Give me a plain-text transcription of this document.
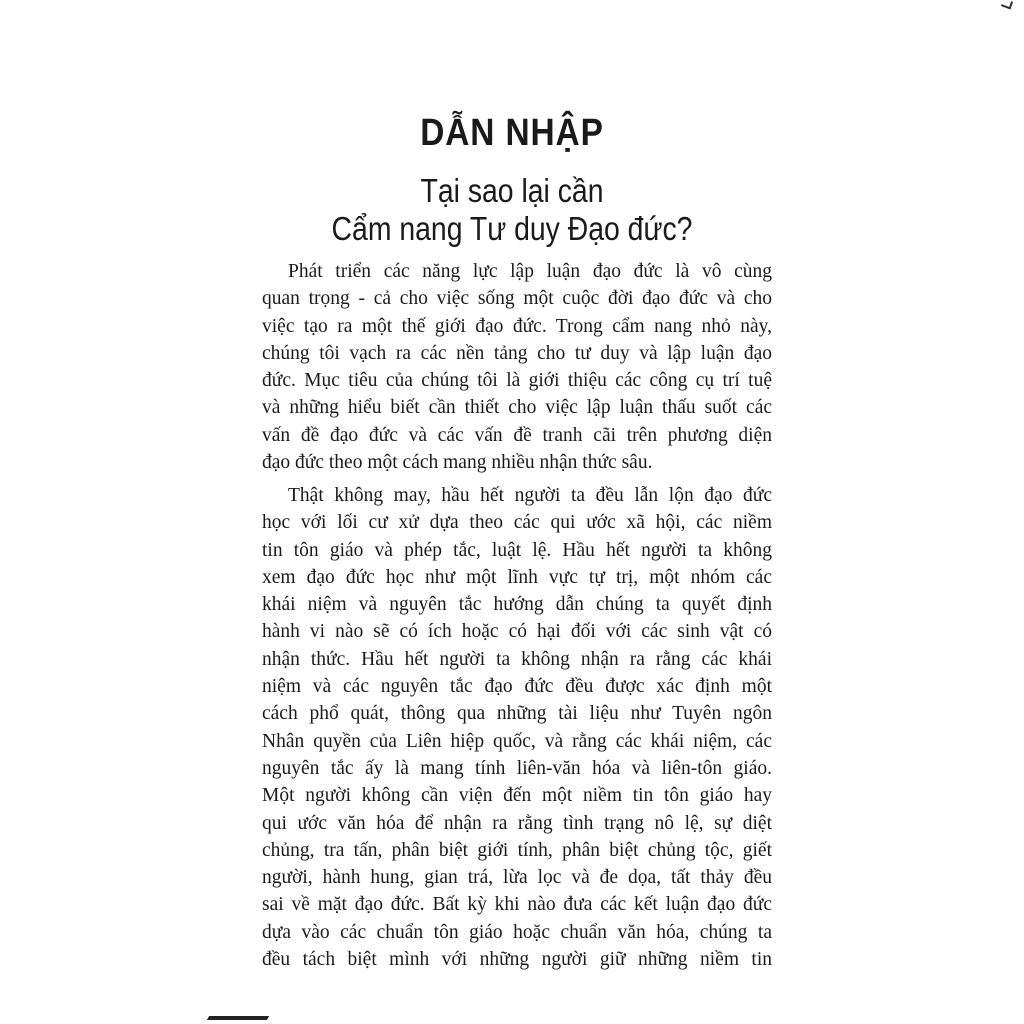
DẪN NHẬP
Tại sao lại cần
Cẩm nang Tư duy Đạo đức?
Phát triển các năng lực lập luận đạo đức là vô cùng
quan trọng - cả cho việc sống một cuộc đời đạo đức và cho
việc tạo ra một thế giới đạo đức. Trong cẩm nang nhỏ này,
chúng tôi vạch ra các nền tảng cho tư duy và lập luận đạo
đức. Mục tiêu của chúng tôi là giới thiệu các công cụ trí tuệ
và những hiểu biết cần thiết cho việc lập luận thấu suốt các
vấn đề đạo đức và các vấn đề tranh cãi trên phương diện
đạo đức theo một cách mang nhiều nhận thức sâu.
Thật không may, hầu hết người ta đều lẫn lộn đạo đức
học với lối cư xử dựa theo các qui ước xã hội, các niềm
tin tôn giáo và phép tắc, luật lệ. Hầu hết người ta không
xem đạo đức học như một lĩnh vực tự trị, một nhóm các
khái niệm và nguyên tắc hướng dẫn chúng ta quyết định
hành vi nào sẽ có ích hoặc có hại đối với các sinh vật có
nhận thức. Hầu hết người ta không nhận ra rằng các khái
niệm và các nguyên tắc đạo đức đều được xác định một
cách phổ quát, thông qua những tài liệu như Tuyên ngôn
Nhân quyền của Liên hiệp quốc, và rằng các khái niệm, các
nguyên tắc ấy là mang tính liên-văn hóa và liên-tôn giáo.
Một người không cần viện đến một niềm tin tôn giáo hay
qui ước văn hóa để nhận ra rằng tình trạng nô lệ, sự diệt
chủng, tra tấn, phân biệt giới tính, phân biệt chủng tộc, giết
người, hành hung, gian trá, lừa lọc và đe dọa, tất thảy đều
sai về mặt đạo đức. Bất kỳ khi nào đưa các kết luận đạo đức
dựa vào các chuẩn tôn giáo hoặc chuẩn văn hóa, chúng ta
đều tách biệt mình với những người giữ những niềm tin
